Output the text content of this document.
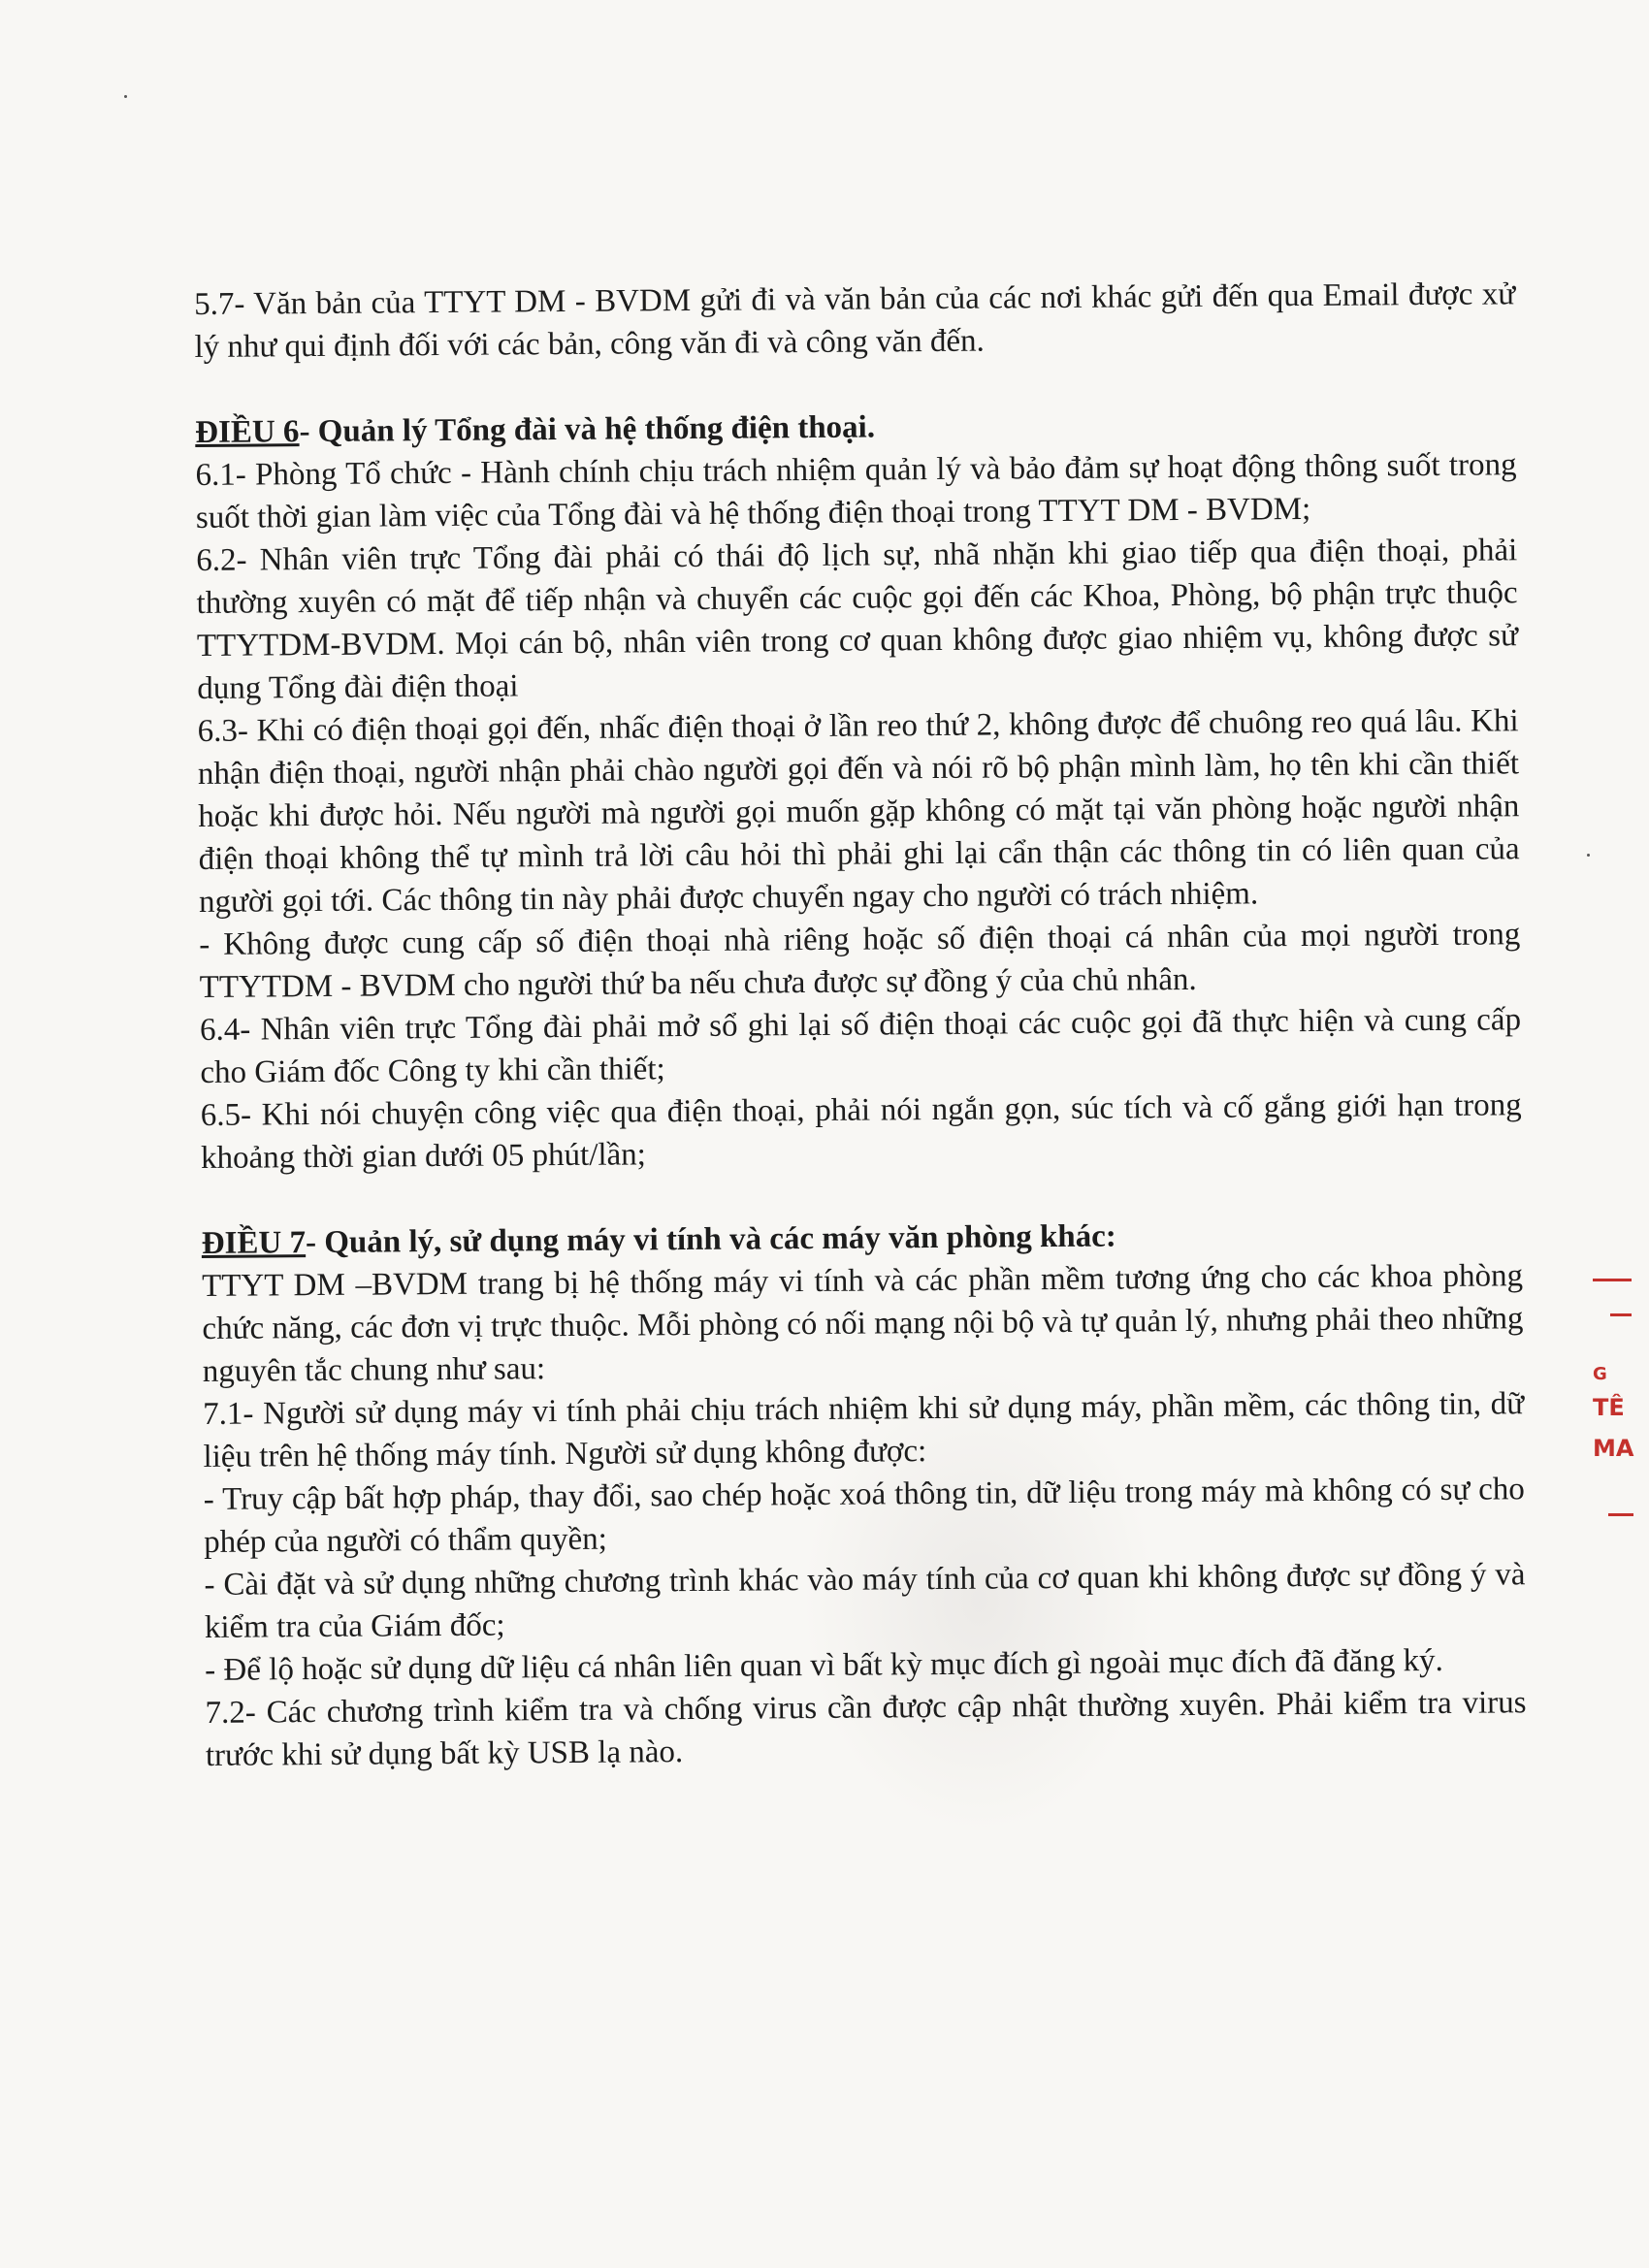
5.7- Văn bản của TTYT DM - BVDM gửi đi và văn bản của các nơi khác gửi đến qua Email được xử lý như qui định đối với các bản, công văn đi và công văn đến.

ĐIỀU 6- Quản lý Tổng đài và hệ thống điện thoại.

6.1- Phòng Tổ chức - Hành chính chịu trách nhiệm quản lý và bảo đảm sự hoạt động thông suốt trong suốt thời gian làm việc của Tổng đài và hệ thống điện thoại trong TTYT DM - BVDM;

6.2- Nhân viên trực Tổng đài phải có thái độ lịch sự, nhã nhặn khi giao tiếp qua điện thoại, phải thường xuyên có mặt để tiếp nhận và chuyển các cuộc gọi đến các Khoa, Phòng, bộ phận trực thuộc TTYTDM-BVDM. Mọi cán bộ, nhân viên trong cơ quan không được giao nhiệm vụ, không được sử dụng Tổng đài điện thoại

6.3- Khi có điện thoại gọi đến, nhấc điện thoại ở lần reo thứ 2, không được để chuông reo quá lâu. Khi nhận điện thoại, người nhận phải chào người gọi đến và nói rõ bộ phận mình làm, họ tên khi cần thiết hoặc khi được hỏi. Nếu người mà người gọi muốn gặp không có mặt tại văn phòng hoặc người nhận điện thoại không thể tự mình trả lời câu hỏi thì phải ghi lại cẩn thận các thông tin có liên quan của người gọi tới. Các thông tin này phải được chuyển ngay cho người có trách nhiệm.

- Không được cung cấp số điện thoại nhà riêng hoặc số điện thoại cá nhân của mọi người trong TTYTDM - BVDM cho người thứ ba nếu chưa được sự đồng ý của chủ nhân.

6.4- Nhân viên trực Tổng đài phải mở sổ ghi lại số điện thoại các cuộc gọi đã thực hiện và cung cấp cho Giám đốc Công ty khi cần thiết;

6.5- Khi nói chuyện công việc qua điện thoại, phải nói ngắn gọn, súc tích và cố gắng giới hạn trong khoảng thời gian dưới 05 phút/lần;

ĐIỀU 7- Quản lý, sử dụng máy vi tính và các máy văn phòng khác:

TTYT DM –BVDM trang bị hệ thống máy vi tính và các phần mềm tương ứng cho các khoa phòng chức năng, các đơn vị trực thuộc. Mỗi phòng có nối mạng nội bộ và tự quản lý, nhưng phải theo những nguyên tắc chung như sau:

7.1- Người sử dụng máy vi tính phải chịu trách nhiệm khi sử dụng máy, phần mềm, các thông tin, dữ liệu trên hệ thống máy tính. Người sử dụng không được:

- Truy cập bất hợp pháp, thay đổi, sao chép hoặc xoá thông tin, dữ liệu trong máy mà không có sự cho phép của người có thẩm quyền;

- Cài đặt và sử dụng những chương trình khác vào máy tính của cơ quan khi không được sự đồng ý và kiểm tra của Giám đốc;

- Để lộ hoặc sử dụng dữ liệu cá nhân liên quan vì bất kỳ mục đích gì ngoài mục đích đã đăng ký.

7.2- Các chương trình kiểm tra và chống virus cần được cập nhật thường xuyên. Phải kiểm tra virus trước khi sử dụng bất kỳ USB lạ nào.

G
TÊ
MA
